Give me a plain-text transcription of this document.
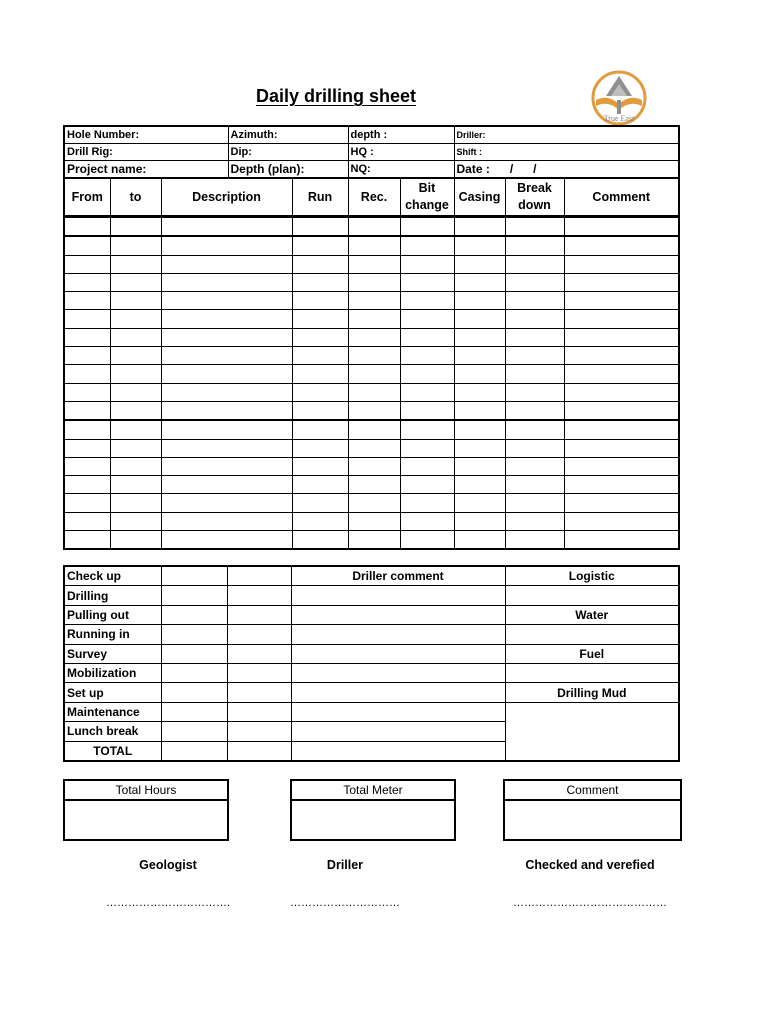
Daily drilling sheet
True East
Hole Number:	Azimuth:	depth :	Driller:
Drill Rig:	Dip:	HQ :	Shift :
Project name:	Depth (plan):	NQ:	Date :      /      /
From	to	Description	Run	Rec.	Bit change	Casing	Break down	Comment

Check up			Driller comment	Logistic
Drilling				
Pulling out				Water
Running in				
Survey				Fuel
Mobilization				
Set up				Drilling Mud
Maintenance				
Lunch break				
TOTAL				
Total Hours	Total Meter	Comment
Geologist	Driller	Checked and verefied
…………………………….	…………………………	……………………………………
